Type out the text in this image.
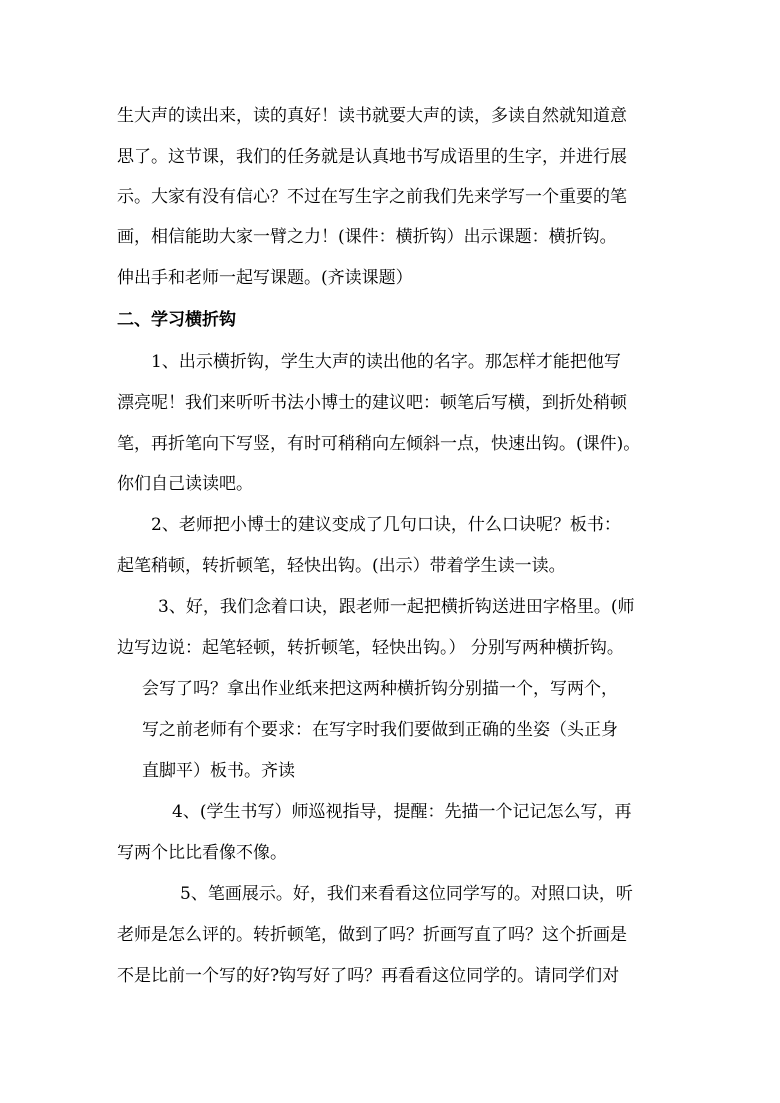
生大声的读出来，读的真好！读书就要大声的读，多读自然就知道意
思了。这节课，我们的任务就是认真地书写成语里的生字，并进行展
示。大家有没有信心？不过在写生字之前我们先来学写一个重要的笔
画，相信能助大家一臂之力！(课件：横折钩）出示课题：横折钩。
伸出手和老师一起写课题。(齐读课题）
二、学习横折钩
1、出示横折钩，学生大声的读出他的名字。那怎样才能把他写
漂亮呢！我们来听听书法小博士的建议吧：顿笔后写横，到折处稍顿
笔，再折笔向下写竖，有时可稍稍向左倾斜一点，快速出钩。(课件)。
你们自己读读吧。
2、老师把小博士的建议变成了几句口诀，什么口诀呢？板书：
起笔稍顿，转折顿笔，轻快出钩。(出示）带着学生读一读。
3、好，我们念着口诀，跟老师一起把横折钩送进田字格里。(师
边写边说：起笔轻顿，转折顿笔，轻快出钩。） 分别写两种横折钩。
会写了吗？拿出作业纸来把这两种横折钩分别描一个，写两个，
写之前老师有个要求：在写字时我们要做到正确的坐姿（头正身
直脚平）板书。齐读
4、(学生书写）师巡视指导，提醒：先描一个记记怎么写，再
写两个比比看像不像。
5、笔画展示。好，我们来看看这位同学写的。对照口诀，听
老师是怎么评的。转折顿笔，做到了吗？折画写直了吗？这个折画是
不是比前一个写的好?钩写好了吗？再看看这位同学的。请同学们对
